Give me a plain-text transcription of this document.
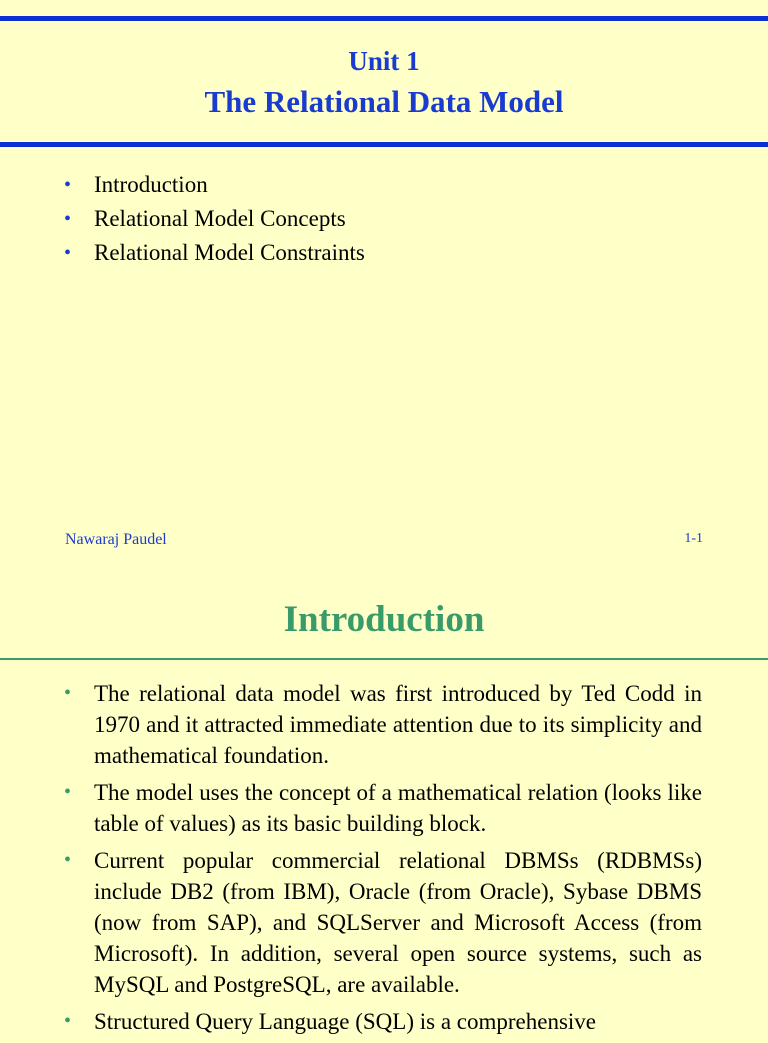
Unit 1
The Relational Data Model
• Introduction
• Relational Model Concepts
• Relational Model Constraints
Nawaraj Paudel	1-1
Introduction
• The relational data model was first introduced by Ted Codd in 1970 and it attracted immediate attention due to its simplicity and mathematical foundation.
• The model uses the concept of a mathematical relation (looks like table of values) as its basic building block.
• Current popular commercial relational DBMSs (RDBMSs) include DB2 (from IBM), Oracle (from Oracle), Sybase DBMS (now from SAP), and SQLServer and Microsoft Access (from Microsoft). In addition, several open source systems, such as MySQL and PostgreSQL, are available.
• Structured Query Language (SQL) is a comprehensive
